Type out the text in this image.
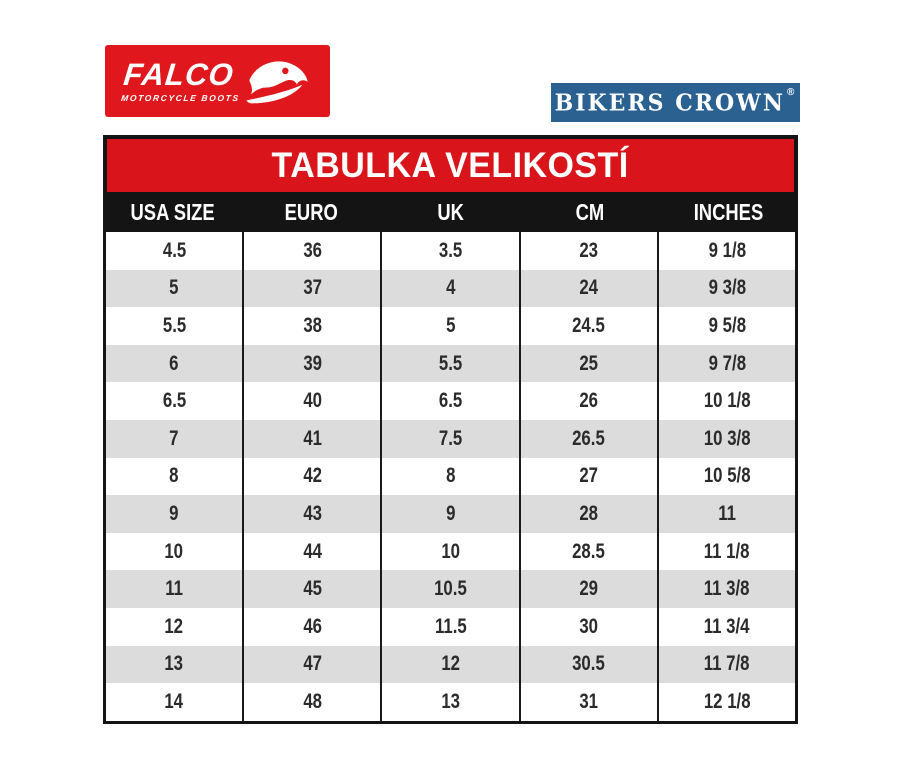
FALCO
MOTORCYCLE BOOTS	BIKERS CROWN ®
TABULKA VELIKOSTÍ
USA SIZE	EURO	UK	CM	INCHES
4.5	36	3.5	23	9 1/8
5	37	4	24	9 3/8
5.5	38	5	24.5	9 5/8
6	39	5.5	25	9 7/8
6.5	40	6.5	26	10 1/8
7	41	7.5	26.5	10 3/8
8	42	8	27	10 5/8
9	43	9	28	11
10	44	10	28.5	11 1/8
11	45	10.5	29	11 3/8
12	46	11.5	30	11 3/4
13	47	12	30.5	11 7/8
14	48	13	31	12 1/8
